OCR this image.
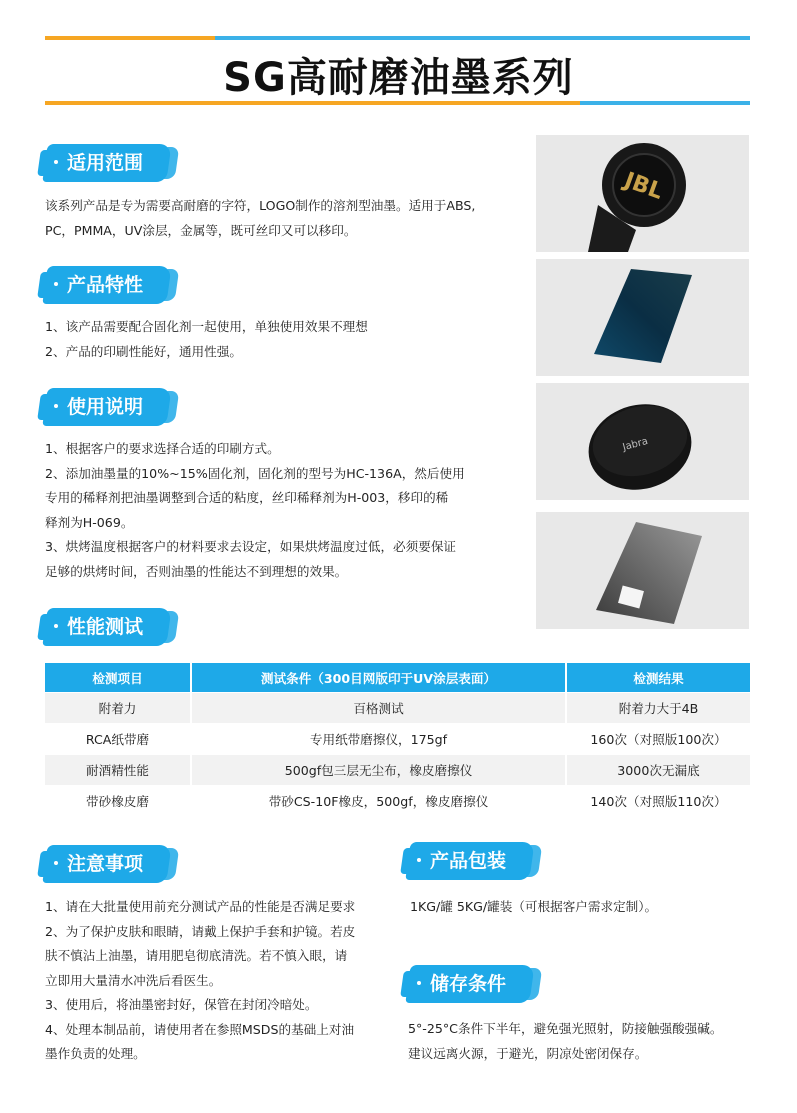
SG高耐磨油墨系列
适用范围

该系列产品是专为需要高耐磨的字符，LOGO制作的溶剂型油墨。适用于ABS,

PC，PMMA，UV涂层，金属等，既可丝印又可以移印。

产品特性

1、该产品需要配合固化剂一起使用，单独使用效果不理想

2、产品的印刷性能好，通用性强。

使用说明

1、根据客户的要求选择合适的印刷方式。

2、添加油墨量的10%~15%固化剂，固化剂的型号为HC-136A，然后使用

专用的稀释剂把油墨调整到合适的粘度，丝印稀释剂为H-003，移印的稀

释剂为H-069。

3、烘烤温度根据客户的材料要求去设定，如果烘烤温度过低，必须要保证

足够的烘烤时间，否则油墨的性能达不到理想的效果。

JBL
Jabra
性能测试
检测项目	测试条件（300目网版印于UV涂层表面）	检测结果
附着力	百格测试	附着力大于4B
RCA纸带磨	专用纸带磨擦仪，175gf	160次（对照版100次）
耐酒精性能	500gf包三层无尘布，橡皮磨擦仪	3000次无漏底
带砂橡皮磨	带砂CS-10F橡皮，500gf，橡皮磨擦仪	140次（对照版110次）
注意事项

1、请在大批量使用前充分测试产品的性能是否满足要求

2、为了保护皮肤和眼睛，请戴上保护手套和护镜。若皮

肤不慎沾上油墨，请用肥皂彻底清洗。若不慎入眼，请

立即用大量清水冲洗后看医生。

3、使用后，将油墨密封好，保管在封闭冷暗处。

4、处理本制品前，请使用者在参照MSDS的基础上对油

墨作负责的处理。

产品包装

1KG/罐 5KG/罐装（可根据客户需求定制）。

储存条件

5°-25°C条件下半年，避免强光照射，防接触强酸强碱。

建议远离火源，于避光，阴凉处密闭保存。
